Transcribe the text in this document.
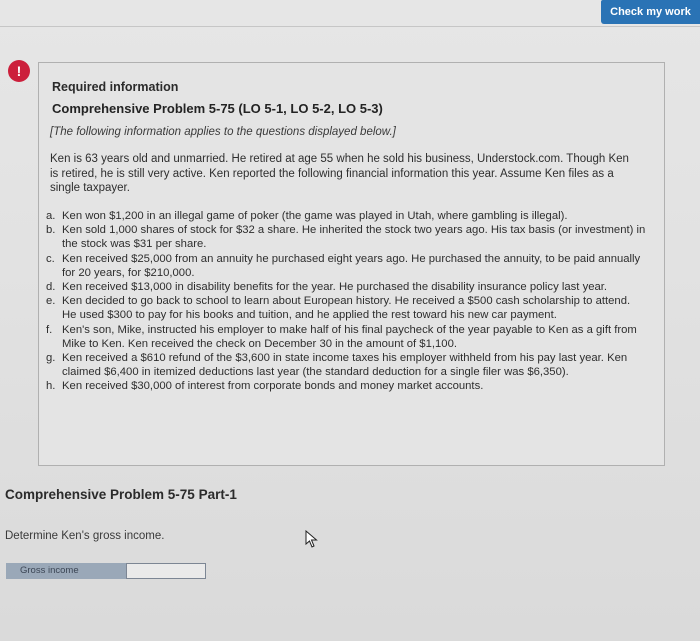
Check my work
!
Required information
Comprehensive Problem 5-75 (LO 5-1, LO 5-2, LO 5-3)
[The following information applies to the questions displayed below.]
Ken is 63 years old and unmarried. He retired at age 55 when he sold his business, Understock.com. Though Ken is retired, he is still very active. Ken reported the following financial information this year. Assume Ken files as a single taxpayer.
a. Ken won $1,200 in an illegal game of poker (the game was played in Utah, where gambling is illegal).
b. Ken sold 1,000 shares of stock for $32 a share. He inherited the stock two years ago. His tax basis (or investment) in the stock was $31 per share.
c. Ken received $25,000 from an annuity he purchased eight years ago. He purchased the annuity, to be paid annually for 20 years, for $210,000.
d. Ken received $13,000 in disability benefits for the year. He purchased the disability insurance policy last year.
e. Ken decided to go back to school to learn about European history. He received a $500 cash scholarship to attend. He used $300 to pay for his books and tuition, and he applied the rest toward his new car payment.
f. Ken's son, Mike, instructed his employer to make half of his final paycheck of the year payable to Ken as a gift from Mike to Ken. Ken received the check on December 30 in the amount of $1,100.
g. Ken received a $610 refund of the $3,600 in state income taxes his employer withheld from his pay last year. Ken claimed $6,400 in itemized deductions last year (the standard deduction for a single filer was $6,350).
h. Ken received $30,000 of interest from corporate bonds and money market accounts.
Comprehensive Problem 5-75 Part-1
Determine Ken's gross income.
Gross income
